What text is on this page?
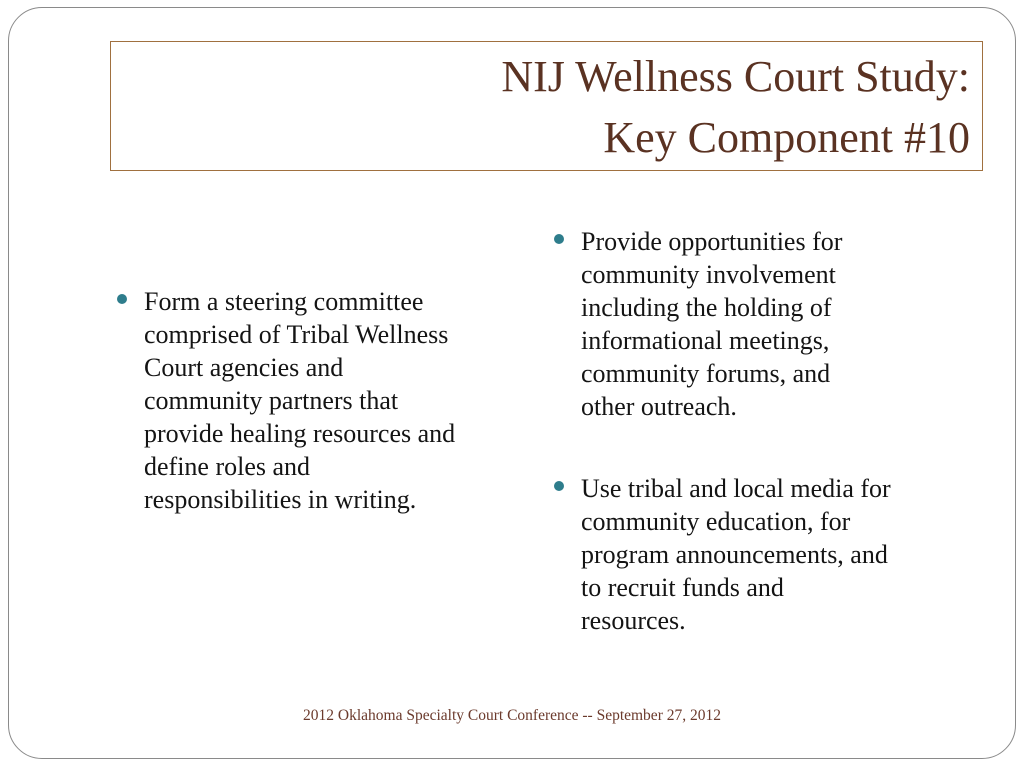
NIJ Wellness Court Study:
Key Component #10
Form a steering committee
comprised of Tribal Wellness
Court agencies and
community partners that
provide healing resources and
define roles and
responsibilities in writing.
Provide opportunities for
community involvement
including the holding of
informational meetings,
community forums, and
other outreach.
Use tribal and local media for
community education, for
program announcements, and
to recruit funds and
resources.

2012 Oklahoma Specialty Court Conference -- September 27, 2012
